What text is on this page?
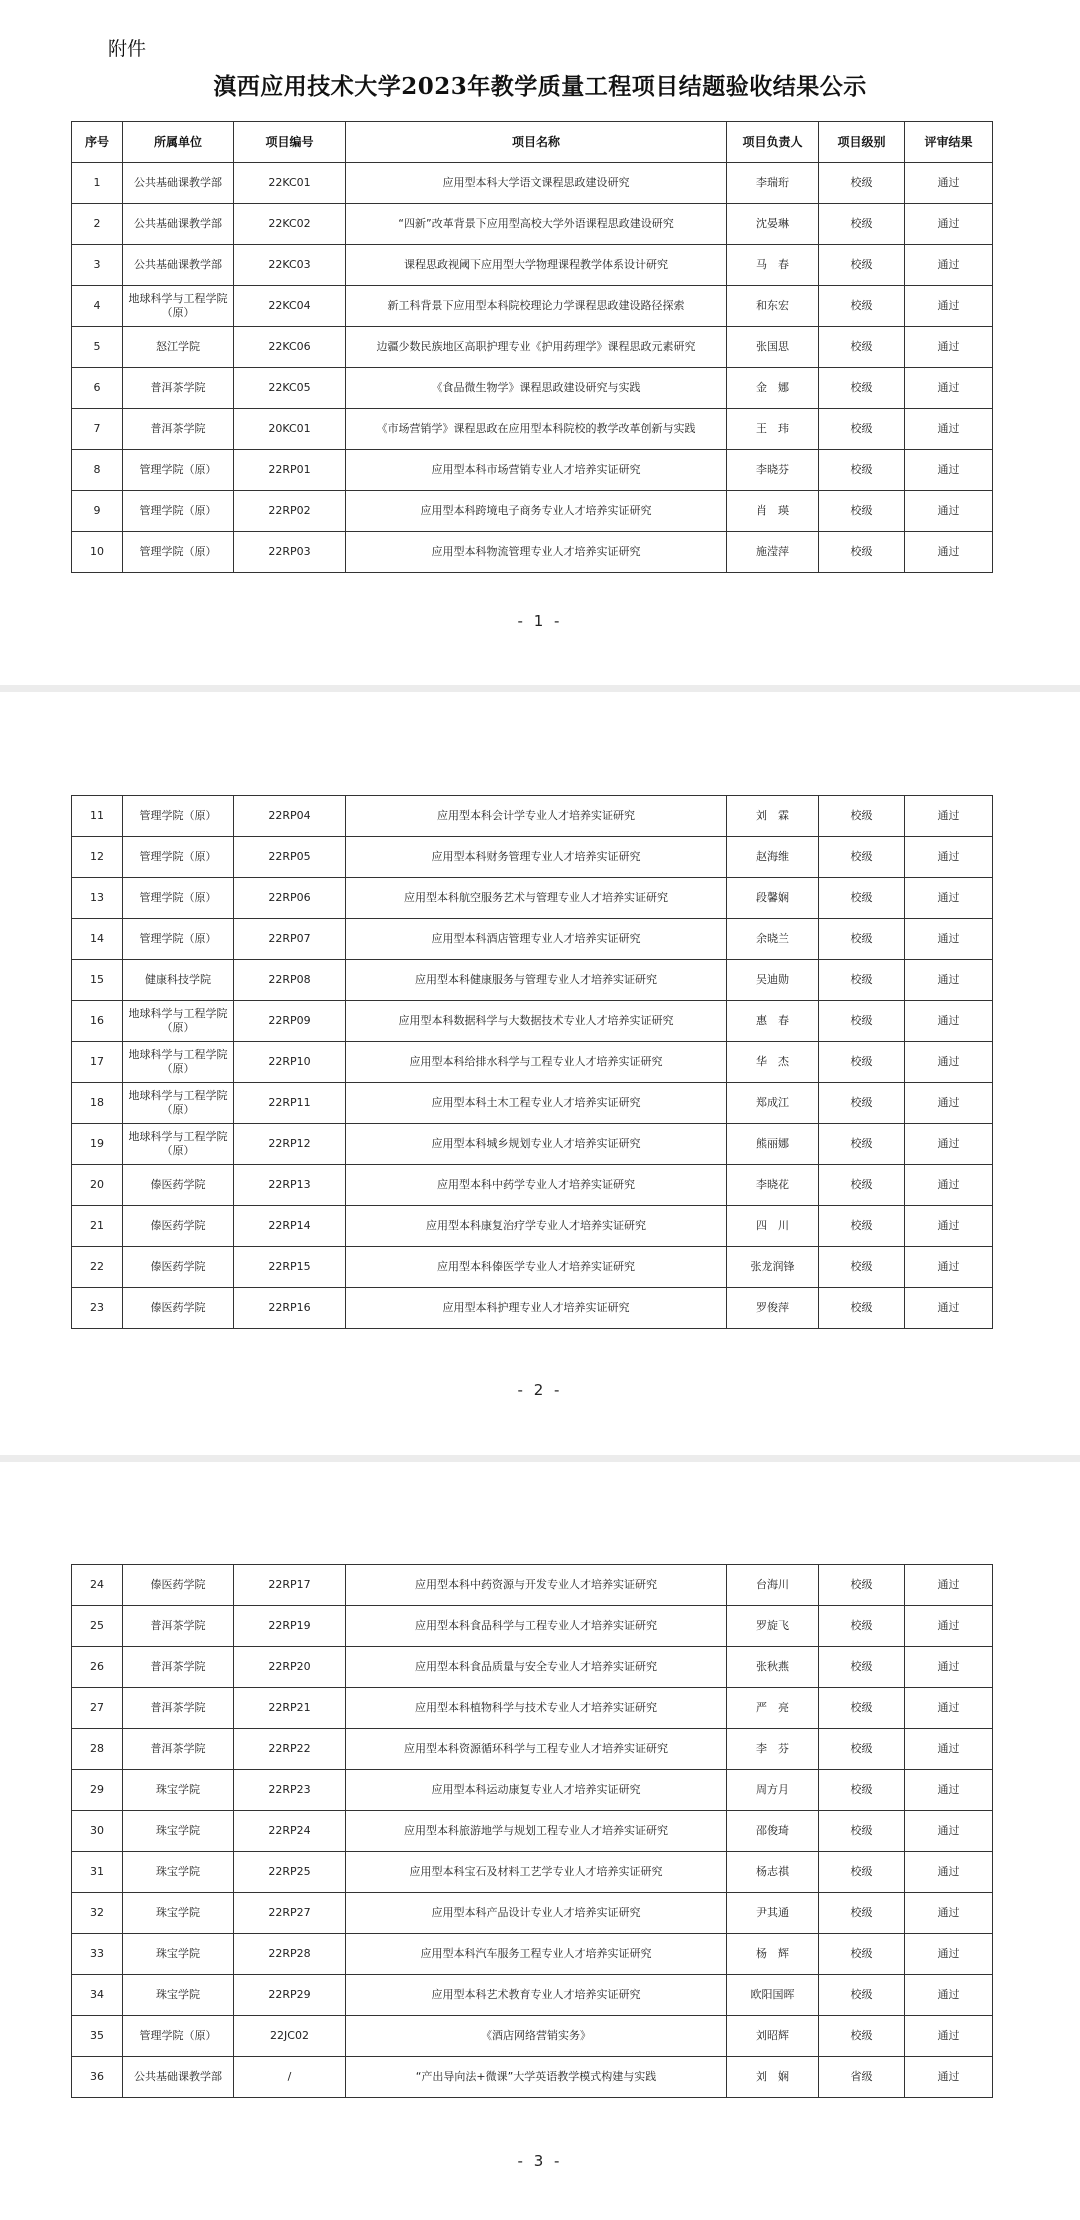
附件
滇西应用技术大学2023年教学质量工程项目结题验收结果公示
序号	所属单位	项目编号	项目名称	项目负责人	项目级别	评审结果
1	公共基础课教学部	22KC01	应用型本科大学语文课程思政建设研究	李瑞珩	校级	通过
2	公共基础课教学部	22KC02	“四新”改革背景下应用型高校大学外语课程思政建设研究	沈晏琳	校级	通过
3	公共基础课教学部	22KC03	课程思政视阈下应用型大学物理课程教学体系设计研究	马　春	校级	通过
4	地球科学与工程学院（原）	22KC04	新工科背景下应用型本科院校理论力学课程思政建设路径探索	和东宏	校级	通过
5	怒江学院	22KC06	边疆少数民族地区高职护理专业《护用药理学》课程思政元素研究	张国思	校级	通过
6	普洱茶学院	22KC05	《食品微生物学》课程思政建设研究与实践	金　娜	校级	通过
7	普洱茶学院	20KC01	《市场营销学》课程思政在应用型本科院校的教学改革创新与实践	王　玮	校级	通过
8	管理学院（原）	22RP01	应用型本科市场营销专业人才培养实证研究	李晓芬	校级	通过
9	管理学院（原）	22RP02	应用型本科跨境电子商务专业人才培养实证研究	肖　瑛	校级	通过
10	管理学院（原）	22RP03	应用型本科物流管理专业人才培养实证研究	施滢萍	校级	通过
- 1 -
11	管理学院（原）	22RP04	应用型本科会计学专业人才培养实证研究	刘　霖	校级	通过
12	管理学院（原）	22RP05	应用型本科财务管理专业人才培养实证研究	赵海维	校级	通过
13	管理学院（原）	22RP06	应用型本科航空服务艺术与管理专业人才培养实证研究	段馨娴	校级	通过
14	管理学院（原）	22RP07	应用型本科酒店管理专业人才培养实证研究	余晓兰	校级	通过
15	健康科技学院	22RP08	应用型本科健康服务与管理专业人才培养实证研究	吴迪勋	校级	通过
16	地球科学与工程学院（原）	22RP09	应用型本科数据科学与大数据技术专业人才培养实证研究	惠　春	校级	通过
17	地球科学与工程学院（原）	22RP10	应用型本科给排水科学与工程专业人才培养实证研究	华　杰	校级	通过
18	地球科学与工程学院（原）	22RP11	应用型本科土木工程专业人才培养实证研究	郑成江	校级	通过
19	地球科学与工程学院（原）	22RP12	应用型本科城乡规划专业人才培养实证研究	熊丽娜	校级	通过
20	傣医药学院	22RP13	应用型本科中药学专业人才培养实证研究	李晓花	校级	通过
21	傣医药学院	22RP14	应用型本科康复治疗学专业人才培养实证研究	四　川	校级	通过
22	傣医药学院	22RP15	应用型本科傣医学专业人才培养实证研究	张龙润锋	校级	通过
23	傣医药学院	22RP16	应用型本科护理专业人才培养实证研究	罗俊萍	校级	通过
- 2 -
24	傣医药学院	22RP17	应用型本科中药资源与开发专业人才培养实证研究	台海川	校级	通过
25	普洱茶学院	22RP19	应用型本科食品科学与工程专业人才培养实证研究	罗旋飞	校级	通过
26	普洱茶学院	22RP20	应用型本科食品质量与安全专业人才培养实证研究	张秋燕	校级	通过
27	普洱茶学院	22RP21	应用型本科植物科学与技术专业人才培养实证研究	严　亮	校级	通过
28	普洱茶学院	22RP22	应用型本科资源循环科学与工程专业人才培养实证研究	李　芬	校级	通过
29	珠宝学院	22RP23	应用型本科运动康复专业人才培养实证研究	周方月	校级	通过
30	珠宝学院	22RP24	应用型本科旅游地学与规划工程专业人才培养实证研究	邵俊琦	校级	通过
31	珠宝学院	22RP25	应用型本科宝石及材料工艺学专业人才培养实证研究	杨志祺	校级	通过
32	珠宝学院	22RP27	应用型本科产品设计专业人才培养实证研究	尹其通	校级	通过
33	珠宝学院	22RP28	应用型本科汽车服务工程专业人才培养实证研究	杨　辉	校级	通过
34	珠宝学院	22RP29	应用型本科艺术教育专业人才培养实证研究	欧阳国晖	校级	通过
35	管理学院（原）	22JC02	《酒店网络营销实务》	刘昭辉	校级	通过
36	公共基础课教学部	/	“产出导向法+微课”大学英语教学模式构建与实践	刘　娴	省级	通过
- 3 -
